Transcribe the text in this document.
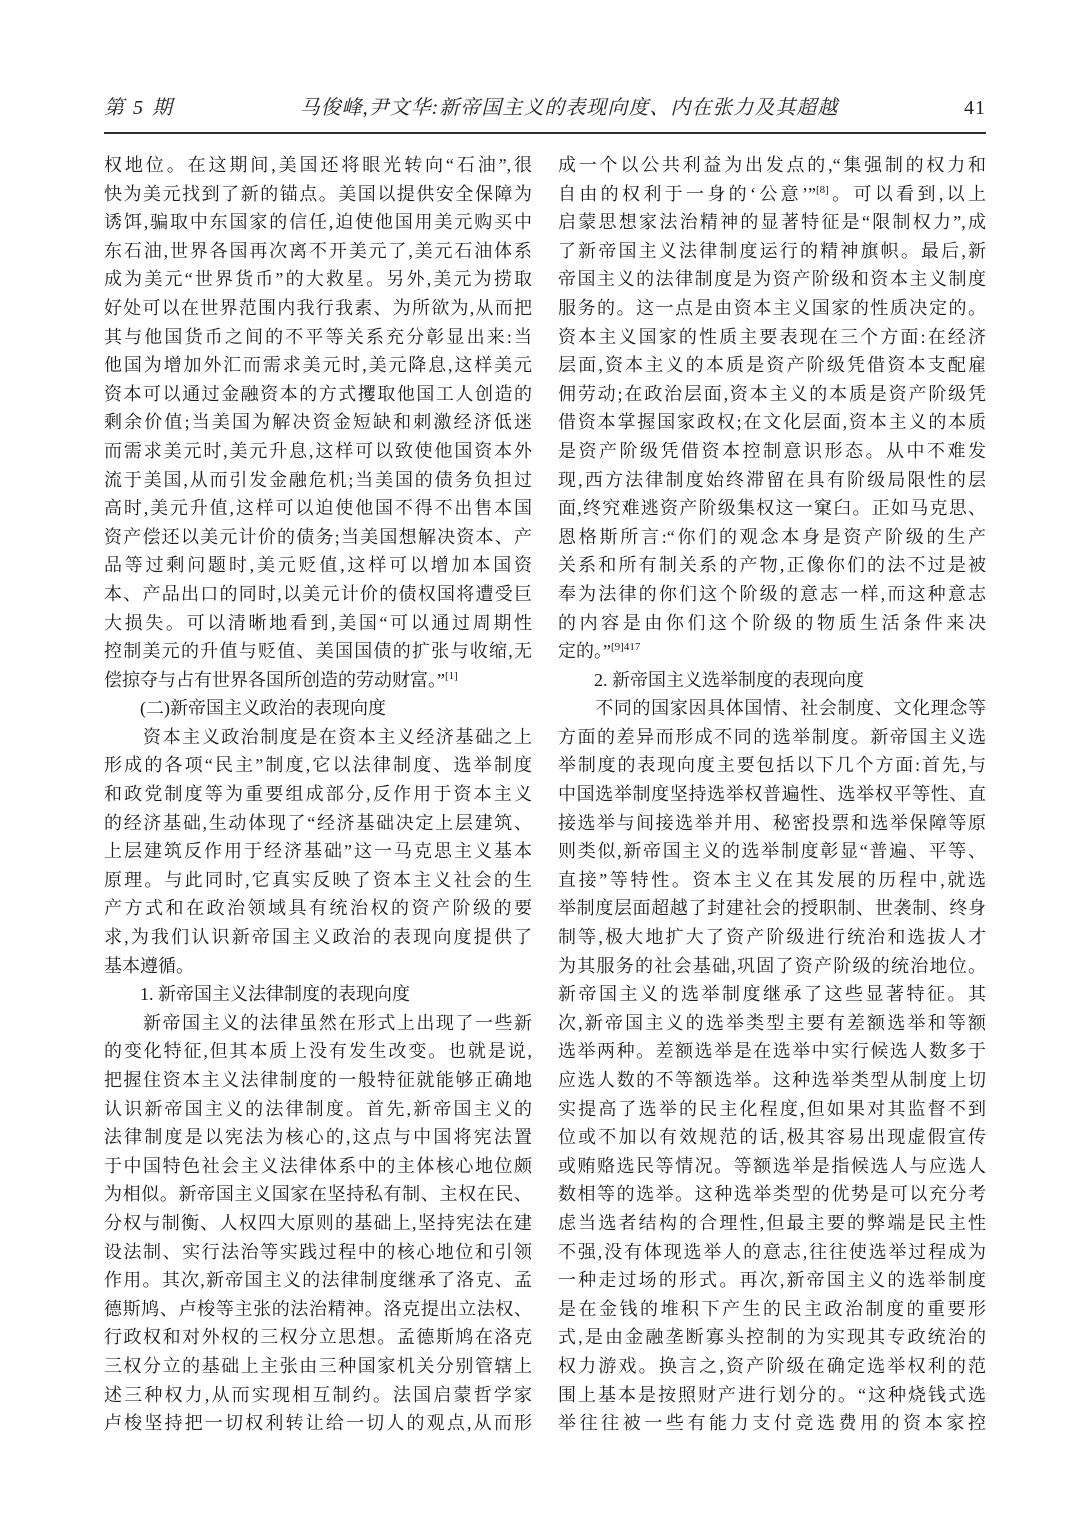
第 5 期	马俊峰,尹文华:新帝国主义的表现向度、内在张力及其超越	41
权地位。在这期间,美国还将眼光转向“石油”,很
快为美元找到了新的锚点。美国以提供安全保障为
诱饵,骗取中东国家的信任,迫使他国用美元购买中
东石油,世界各国再次离不开美元了,美元石油体系
成为美元“世界货币”的大救星。另外,美元为捞取
好处可以在世界范围内我行我素、为所欲为,从而把
其与他国货币之间的不平等关系充分彰显出来:当
他国为增加外汇而需求美元时,美元降息,这样美元
资本可以通过金融资本的方式攫取他国工人创造的
剩余价值;当美国为解决资金短缺和刺激经济低迷
而需求美元时,美元升息,这样可以致使他国资本外
流于美国,从而引发金融危机;当美国的债务负担过
高时,美元升值,这样可以迫使他国不得不出售本国
资产偿还以美元计价的债务;当美国想解决资本、产
品等过剩问题时,美元贬值,这样可以增加本国资
本、产品出口的同时,以美元计价的债权国将遭受巨
大损失。可以清晰地看到,美国“可以通过周期性
控制美元的升值与贬值、美国国债的扩张与收缩,无
偿掠夺与占有世界各国所创造的劳动财富。”[1]
　　(二)新帝国主义政治的表现向度
　　资本主义政治制度是在资本主义经济基础之上
形成的各项“民主”制度,它以法律制度、选举制度
和政党制度等为重要组成部分,反作用于资本主义
的经济基础,生动体现了“经济基础决定上层建筑、
上层建筑反作用于经济基础”这一马克思主义基本
原理。与此同时,它真实反映了资本主义社会的生
产方式和在政治领域具有统治权的资产阶级的要
求,为我们认识新帝国主义政治的表现向度提供了
基本遵循。
　　1. 新帝国主义法律制度的表现向度
　　新帝国主义的法律虽然在形式上出现了一些新
的变化特征,但其本质上没有发生改变。也就是说,
把握住资本主义法律制度的一般特征就能够正确地
认识新帝国主义的法律制度。首先,新帝国主义的
法律制度是以宪法为核心的,这点与中国将宪法置
于中国特色社会主义法律体系中的主体核心地位颇
为相似。新帝国主义国家在坚持私有制、主权在民、
分权与制衡、人权四大原则的基础上,坚持宪法在建
设法制、实行法治等实践过程中的核心地位和引领
作用。其次,新帝国主义的法律制度继承了洛克、孟
德斯鸠、卢梭等主张的法治精神。洛克提出立法权、
行政权和对外权的三权分立思想。孟德斯鸠在洛克
三权分立的基础上主张由三种国家机关分别管辖上
述三种权力,从而实现相互制约。法国启蒙哲学家
卢梭坚持把一切权利转让给一切人的观点,从而形
成一个以公共利益为出发点的,“集强制的权力和
自由的权利于一身的‘公意’”[8]。可以看到,以上
启蒙思想家法治精神的显著特征是“限制权力”,成
了新帝国主义法律制度运行的精神旗帜。最后,新
帝国主义的法律制度是为资产阶级和资本主义制度
服务的。这一点是由资本主义国家的性质决定的。
资本主义国家的性质主要表现在三个方面:在经济
层面,资本主义的本质是资产阶级凭借资本支配雇
佣劳动;在政治层面,资本主义的本质是资产阶级凭
借资本掌握国家政权;在文化层面,资本主义的本质
是资产阶级凭借资本控制意识形态。从中不难发
现,西方法律制度始终滞留在具有阶级局限性的层
面,终究难逃资产阶级集权这一窠臼。正如马克思、
恩格斯所言:“你们的观念本身是资产阶级的生产
关系和所有制关系的产物,正像你们的法不过是被
奉为法律的你们这个阶级的意志一样,而这种意志
的内容是由你们这个阶级的物质生活条件来决
定的。”$^{[9]417}$
　　2. 新帝国主义选举制度的表现向度
　　不同的国家因具体国情、社会制度、文化理念等
方面的差异而形成不同的选举制度。新帝国主义选
举制度的表现向度主要包括以下几个方面:首先,与
中国选举制度坚持选举权普遍性、选举权平等性、直
接选举与间接选举并用、秘密投票和选举保障等原
则类似,新帝国主义的选举制度彰显“普遍、平等、
直接”等特性。资本主义在其发展的历程中,就选
举制度层面超越了封建社会的授职制、世袭制、终身
制等,极大地扩大了资产阶级进行统治和选拔人才
为其服务的社会基础,巩固了资产阶级的统治地位。
新帝国主义的选举制度继承了这些显著特征。其
次,新帝国主义的选举类型主要有差额选举和等额
选举两种。差额选举是在选举中实行候选人数多于
应选人数的不等额选举。这种选举类型从制度上切
实提高了选举的民主化程度,但如果对其监督不到
位或不加以有效规范的话,极其容易出现虚假宣传
或贿赂选民等情况。等额选举是指候选人与应选人
数相等的选举。这种选举类型的优势是可以充分考
虑当选者结构的合理性,但最主要的弊端是民主性
不强,没有体现选举人的意志,往往使选举过程成为
一种走过场的形式。再次,新帝国主义的选举制度
是在金钱的堆积下产生的民主政治制度的重要形
式,是由金融垄断寡头控制的为实现其专政统治的
权力游戏。换言之,资产阶级在确定选举权利的范
围上基本是按照财产进行划分的。“这种烧钱式选
举往往被一些有能力支付竞选费用的资本家控
